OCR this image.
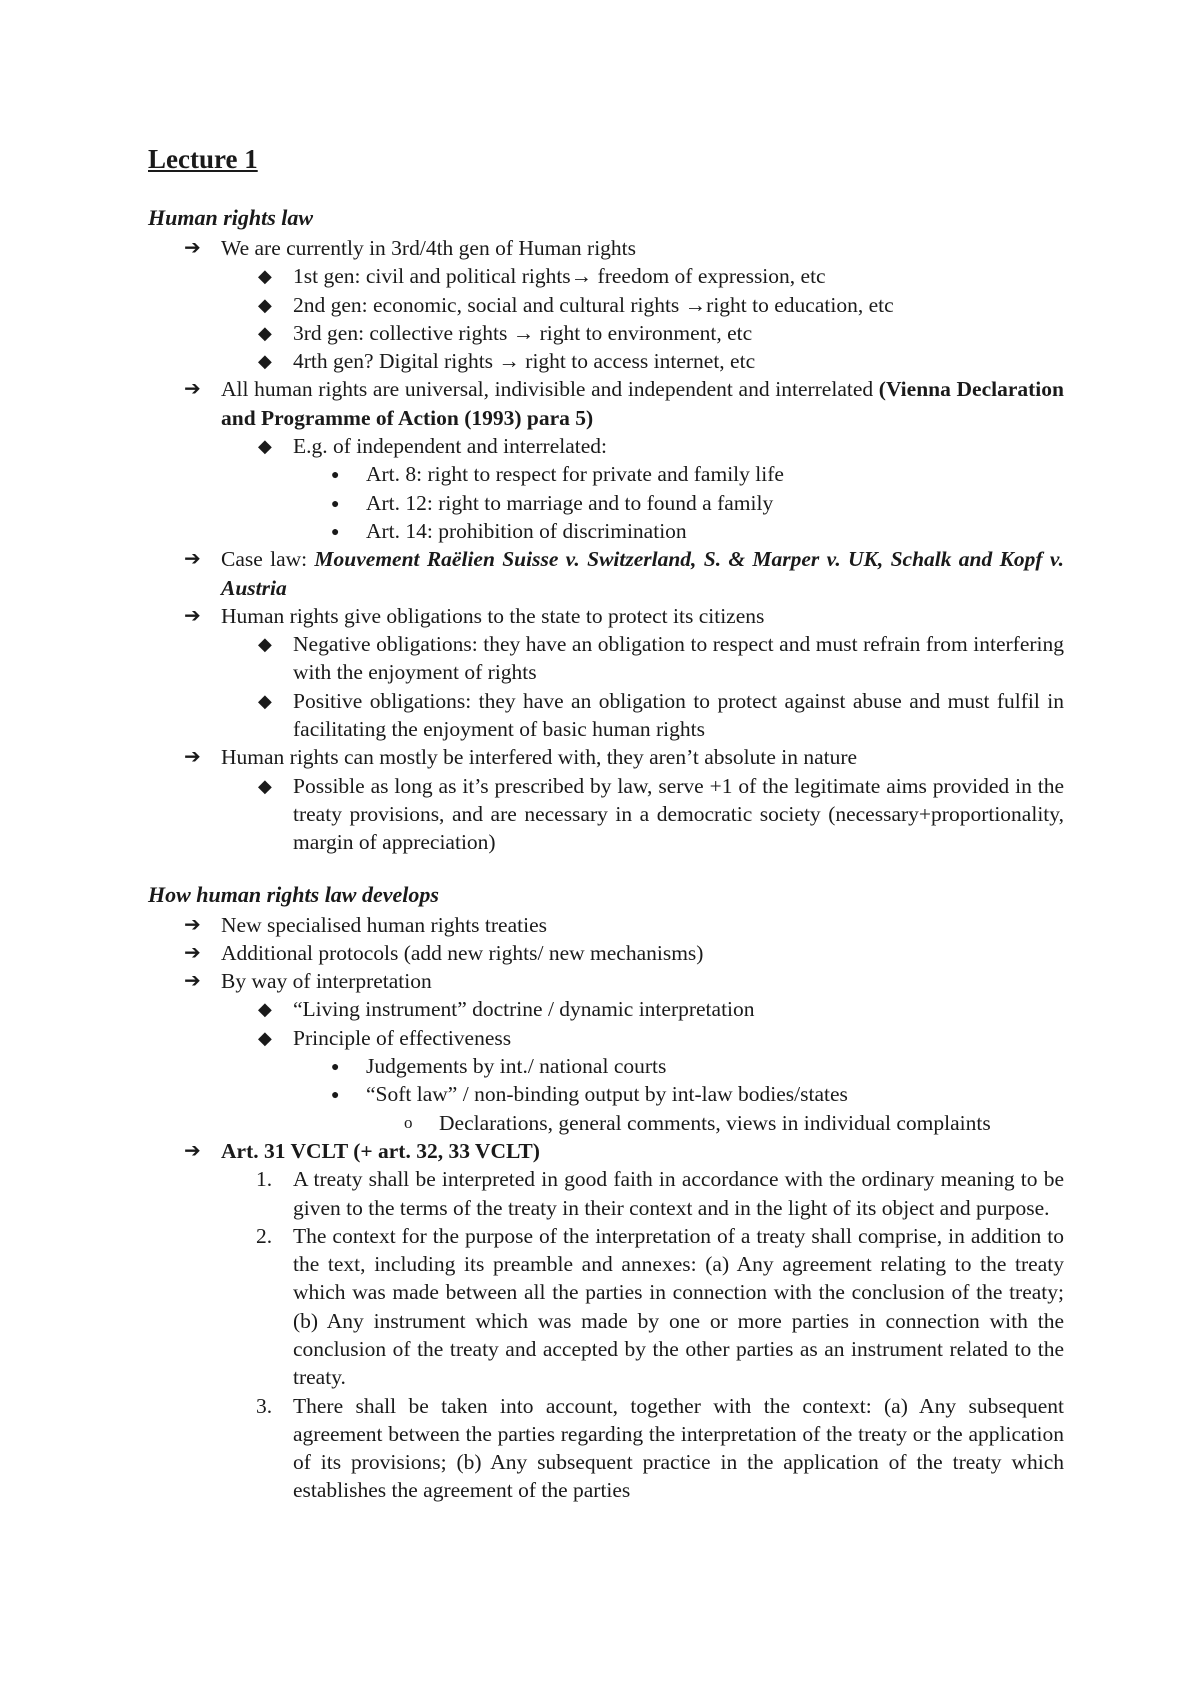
Lecture 1
Human rights law
➔ We are currently in 3rd/4th gen of Human rights
◆ 1st gen: civil and political rights→ freedom of expression, etc
◆ 2nd gen: economic, social and cultural rights →right to education, etc
◆ 3rd gen: collective rights → right to environment, etc
◆ 4rth gen? Digital rights → right to access internet, etc
➔ All human rights are universal, indivisible and independent and interrelated (Vienna Declaration and Programme of Action (1993) para 5)
◆ E.g. of independent and interrelated:
● Art. 8: right to respect for private and family life
● Art. 12: right to marriage and to found a family
● Art. 14: prohibition of discrimination
➔ Case law: Mouvement Raëlien Suisse v. Switzerland, S. & Marper v. UK, Schalk and Kopf v. Austria
➔ Human rights give obligations to the state to protect its citizens
◆ Negative obligations: they have an obligation to respect and must refrain from interfering with the enjoyment of rights
◆ Positive obligations: they have an obligation to protect against abuse and must fulfil in facilitating the enjoyment of basic human rights
➔ Human rights can mostly be interfered with, they aren’t absolute in nature
◆ Possible as long as it’s prescribed by law, serve +1 of the legitimate aims provided in the treaty provisions, and are necessary in a democratic society (necessary+proportionality, margin of appreciation)
How human rights law develops
➔ New specialised human rights treaties
➔ Additional protocols (add new rights/ new mechanisms)
➔ By way of interpretation
◆ “Living instrument” doctrine / dynamic interpretation
◆ Principle of effectiveness
● Judgements by int./ national courts
● “Soft law” / non-binding output by int-law bodies/states
o Declarations, general comments, views in individual complaints
➔ Art. 31 VCLT (+ art. 32, 33 VCLT)
1. A treaty shall be interpreted in good faith in accordance with the ordinary meaning to be given to the terms of the treaty in their context and in the light of its object and purpose.
2. The context for the purpose of the interpretation of a treaty shall comprise, in addition to the text, including its preamble and annexes: (a) Any agreement relating to the treaty which was made between all the parties in connection with the conclusion of the treaty; (b) Any instrument which was made by one or more parties in connection with the conclusion of the treaty and accepted by the other parties as an instrument related to the treaty.
3. There shall be taken into account, together with the context: (a) Any subsequent agreement between the parties regarding the interpretation of the treaty or the application of its provisions; (b) Any subsequent practice in the application of the treaty which establishes the agreement of the parties
